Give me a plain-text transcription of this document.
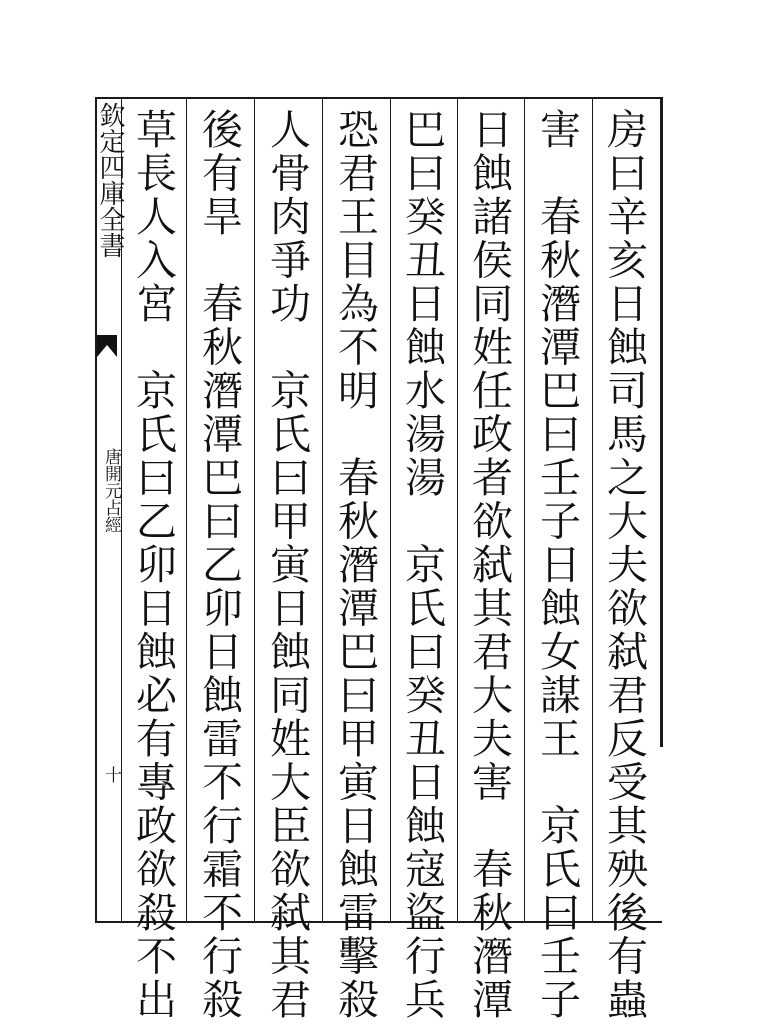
欽定四庫全書
唐開元占經
十	房曰辛亥日蝕司馬之大夫欲弑君反受其殃後有蟲
害　春秋潛潭巴曰壬子日蝕女謀王　京氏曰壬子
日蝕諸侯同姓任政者欲弑其君大夫害　春秋潛潭
巴曰癸丑日蝕水湯湯　京氏曰癸丑日蝕寇盜行兵
恐君王目為不明　春秋潛潭巴曰甲寅日蝕雷擊殺
人骨肉爭功　京氏曰甲寅日蝕同姓大臣欲弑其君
後有旱　春秋潛潭巴曰乙卯日蝕雷不行霜不行殺
草長人入宮　京氏曰乙卯日蝕必有專政欲殺不出
